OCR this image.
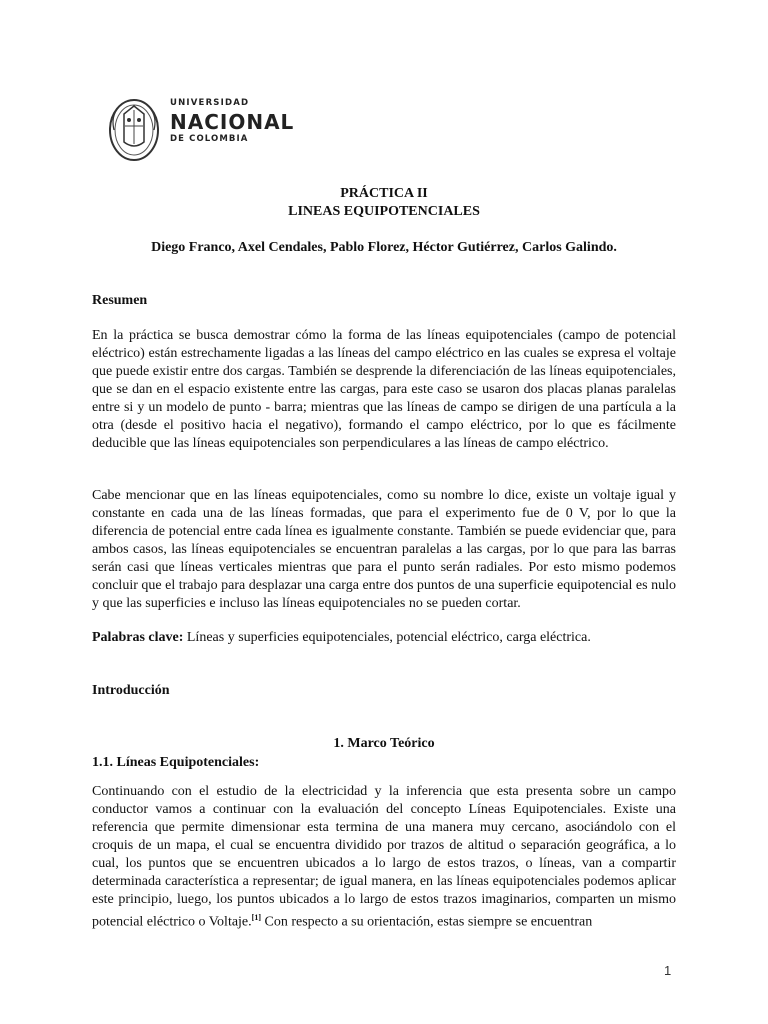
UNIVERSIDAD
NACIONAL
DE COLOMBIA
PRÁCTICA II
LINEAS EQUIPOTENCIALES
Diego Franco, Axel Cendales, Pablo Florez, Héctor Gutiérrez, Carlos Galindo.
Resumen
En la práctica se busca demostrar cómo la forma de las líneas equipotenciales (campo de potencial eléctrico) están estrechamente ligadas a las líneas del campo eléctrico en las cuales se expresa el voltaje que puede existir entre dos cargas. También se desprende la diferenciación de las líneas equipotenciales, que se dan en el espacio existente entre las cargas, para este caso se usaron dos placas planas paralelas entre si y un modelo de punto - barra; mientras que las líneas de campo se dirigen de una partícula a la otra (desde el positivo hacia el negativo), formando el campo eléctrico, por lo que es fácilmente deducible que las líneas equipotenciales son perpendiculares a las líneas de campo eléctrico.
Cabe mencionar que en las líneas equipotenciales, como su nombre lo dice, existe un voltaje igual y constante en cada una de las líneas formadas, que para el experimento fue de 0 V, por lo que la diferencia de potencial entre cada línea es igualmente constante. También se puede evidenciar que, para ambos casos, las líneas equipotenciales se encuentran paralelas a las cargas, por lo que para las barras serán casi que líneas verticales mientras que para el punto serán radiales. Por esto mismo podemos concluir que el trabajo para desplazar una carga entre dos puntos de una superficie equipotencial es nulo y que las superficies e incluso las líneas equipotenciales no se pueden cortar.
Palabras clave: Líneas y superficies equipotenciales, potencial eléctrico, carga eléctrica.
Introducción
1. Marco Teórico
1.1. Líneas Equipotenciales:
Continuando con el estudio de la electricidad y la inferencia que esta presenta sobre un campo conductor vamos a continuar con la evaluación del concepto Líneas Equipotenciales. Existe una referencia que permite dimensionar esta termina de una manera muy cercano, asociándolo con el croquis de un mapa, el cual se encuentra dividido por trazos de altitud o separación geográfica, a lo cual, los puntos que se encuentren ubicados a lo largo de estos trazos, o líneas, van a compartir determinada característica a representar; de igual manera, en las líneas equipotenciales podemos aplicar este principio, luego, los puntos ubicados a lo largo de estos trazos imaginarios, comparten un mismo potencial eléctrico o Voltaje.[1] Con respecto a su orientación, estas siempre se encuentran
1
